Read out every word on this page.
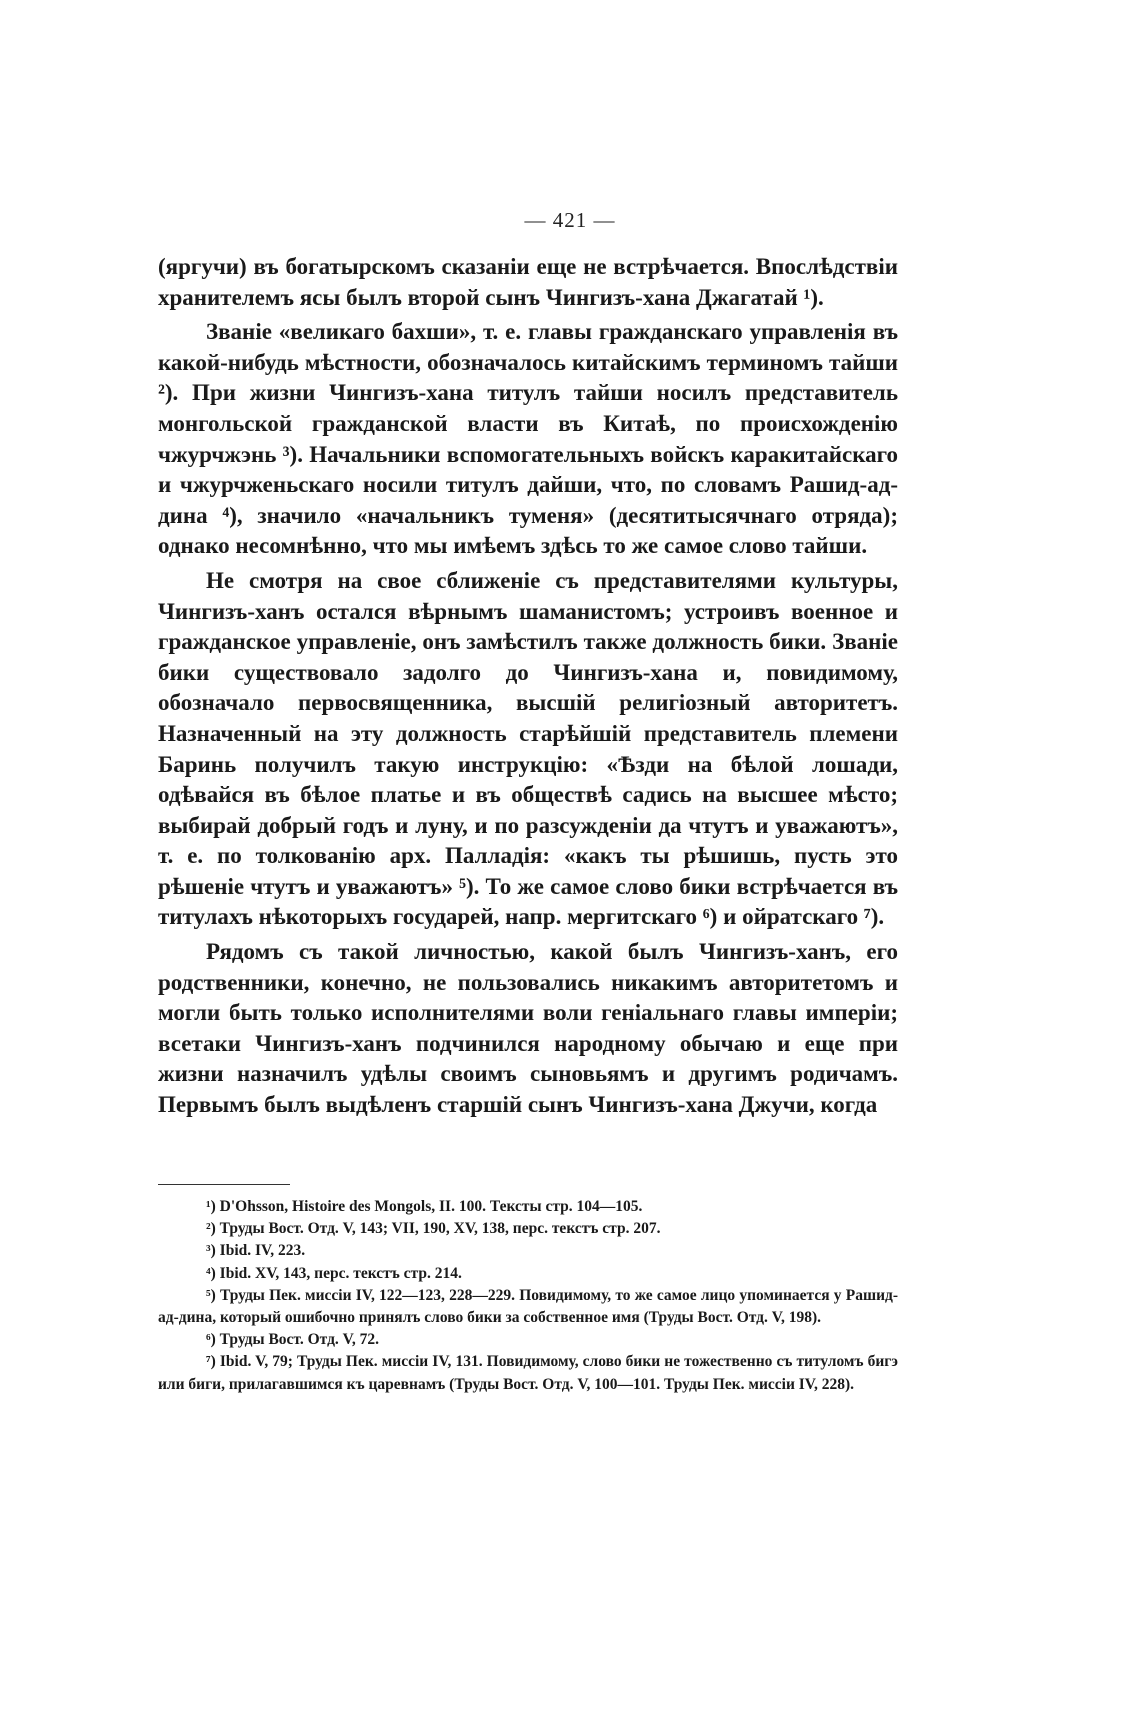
— 421 —

(яргучи) въ богатырскомъ сказаніи еще не встрѣчается. Впослѣдствіи хранителемъ ясы былъ второй сынъ Чингизъ-хана Джагатай ¹).

Званіе «великаго бахши», т. е. главы гражданскаго управленія въ какой-нибудь мѣстности, обозначалось китайскимъ терминомъ тайши ²). При жизни Чингизъ-хана титулъ тайши носилъ представитель монгольской гражданской власти въ Китаѣ, по происхожденію чжурчжэнь ³). Начальники вспомогательныхъ войскъ каракитайскаго и чжурчженьскаго носили титулъ дайши, что, по словамъ Рашид-ад-дина ⁴), значило «начальникъ туменя» (десятитысячнаго отряда); однако несомнѣнно, что мы имѣемъ здѣсь то же самое слово тайши.

Не смотря на свое сближеніе съ представителями культуры, Чингизъ-ханъ остался вѣрнымъ шаманистомъ; устроивъ военное и гражданское управленіе, онъ замѣстилъ также должность бики. Званіе бики существовало задолго до Чингизъ-хана и, повидимому, обозначало первосвященника, высшій религіозный авторитетъ. Назначенный на эту должность старѣйшій представитель племени Баринь получилъ такую инструкцію: «Ѣзди на бѣлой лошади, одѣвайся въ бѣлое платье и въ обществѣ садись на высшее мѣсто; выбирай добрый годъ и луну, и по разсужденіи да чтутъ и уважаютъ», т. е. по толкованію арх. Палладія: «какъ ты рѣшишь, пусть это рѣшеніе чтутъ и уважаютъ» ⁵). То же самое слово бики встрѣчается въ титулахъ нѣкоторыхъ государей, напр. мергитскаго ⁶) и ойратскаго ⁷).

Рядомъ съ такой личностью, какой былъ Чингизъ-ханъ, его родственники, конечно, не пользовались никакимъ авторитетомъ и могли быть только исполнителями воли геніальнаго главы имперіи; всетаки Чингизъ-ханъ подчинился народному обычаю и еще при жизни назначилъ удѣлы своимъ сыновьямъ и другимъ родичамъ. Первымъ былъ выдѣленъ старшій сынъ Чингизъ-хана Джучи, когда

¹) D'Ohsson, Histoire des Mongols, II. 100. Тексты стр. 104—105.

²) Труды Вост. Отд. V, 143; VII, 190, XV, 138, перс. текстъ стр. 207.

³) Ibid. IV, 223.

⁴) Ibid. XV, 143, перс. текстъ стр. 214.

⁵) Труды Пек. миссіи IV, 122—123, 228—229. Повидимому, то же самое лицо упоминается у Рашид-ад-дина, который ошибочно принялъ слово бики за собственное имя (Труды Вост. Отд. V, 198).

⁶) Труды Вост. Отд. V, 72.

⁷) Ibid. V, 79; Труды Пек. миссіи IV, 131. Повидимому, слово бики не тожественно съ титуломъ бигэ или биги, прилагавшимся къ царевнамъ (Труды Вост. Отд. V, 100—101. Труды Пек. миссіи IV, 228).
